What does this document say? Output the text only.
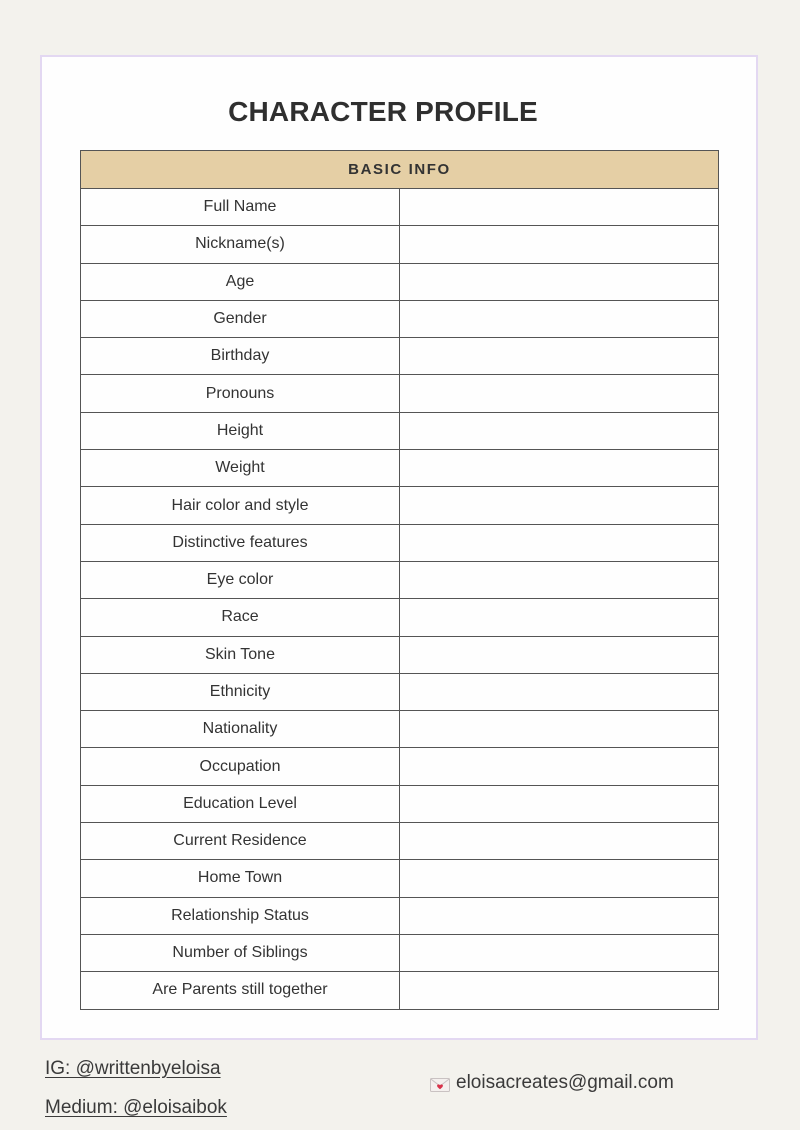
CHARACTER PROFILE
BASIC INFO	
Full Name	
Nickname(s)	
Age	
Gender	
Birthday	
Pronouns	
Height	
Weight	
Hair color and style	
Distinctive features	
Eye color	
Race	
Skin Tone	
Ethnicity	
Nationality	
Occupation	
Education Level	
Current Residence	
Home Town	
Relationship Status	
Number of Siblings	
Are Parents still together	
IG: @writtenbyeloisa
Medium: @eloisaibok
eloisacreates@gmail.com
